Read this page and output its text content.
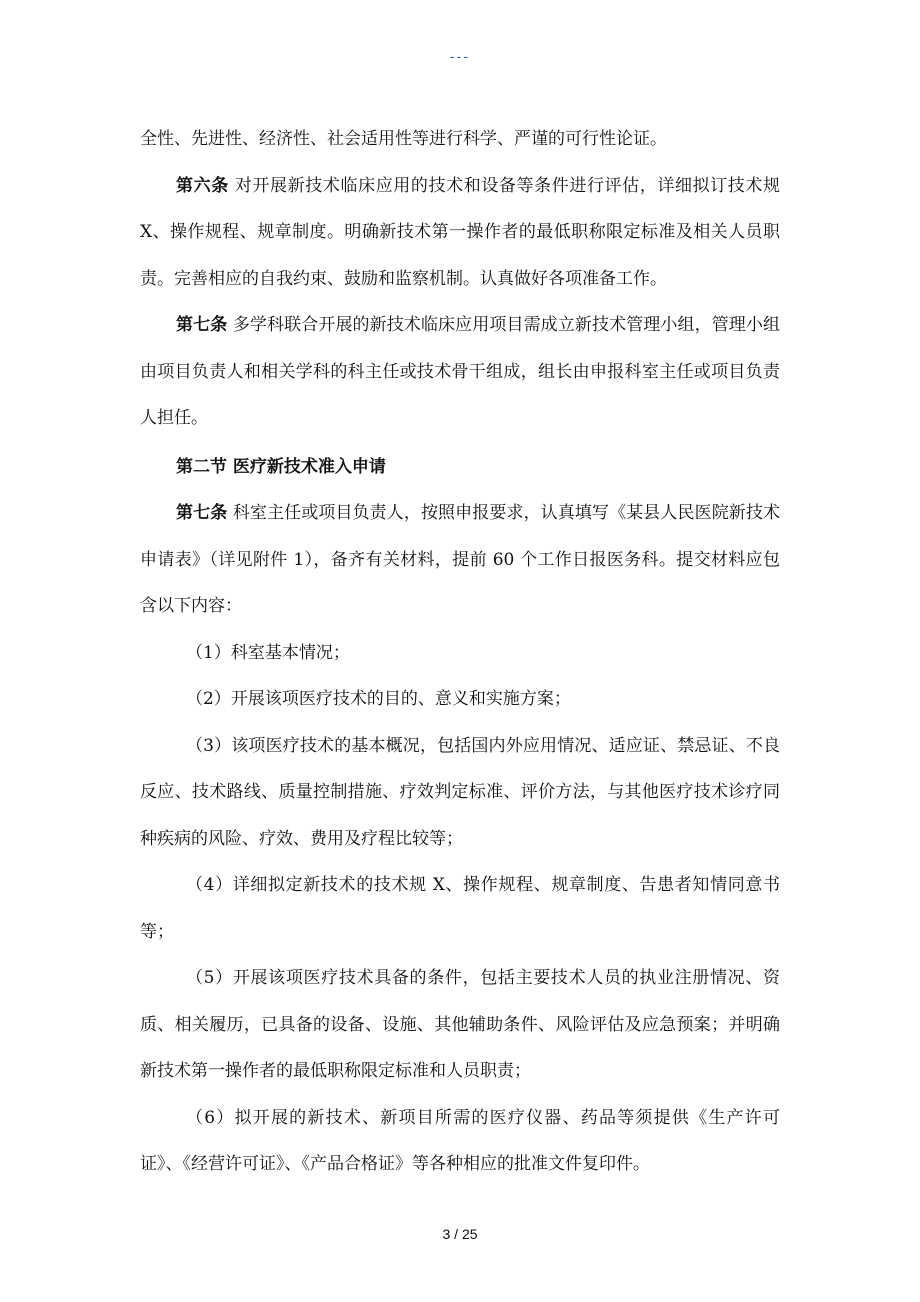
---

全性、先进性、经济性、社会适用性等进行科学、严谨的可行性论证。

第六条 对开展新技术临床应用的技术和设备等条件进行评估，详细拟订技术规 X、操作规程、规章制度。明确新技术第一操作者的最低职称限定标准及相关人员职责。完善相应的自我约束、鼓励和监察机制。认真做好各项准备工作。

第七条 多学科联合开展的新技术临床应用项目需成立新技术管理小组，管理小组由项目负责人和相关学科的科主任或技术骨干组成，组长由申报科室主任或项目负责人担任。

第二节 医疗新技术准入申请

第七条 科室主任或项目负责人，按照申报要求，认真填写《某县人民医院新技术申请表》（详见附件 1），备齐有关材料，提前 60 个工作日报医务科。提交材料应包含以下内容：

（1）科室基本情况；

（2）开展该项医疗技术的目的、意义和实施方案；

（3）该项医疗技术的基本概况，包括国内外应用情况、适应证、禁忌证、不良反应、技术路线、质量控制措施、疗效判定标准、评价方法，与其他医疗技术诊疗同种疾病的风险、疗效、费用及疗程比较等；

（4）详细拟定新技术的技术规 X、操作规程、规章制度、告患者知情同意书等；

（5）开展该项医疗技术具备的条件，包括主要技术人员的执业注册情况、资质、相关履历，已具备的设备、设施、其他辅助条件、风险评估及应急预案；并明确新技术第一操作者的最低职称限定标准和人员职责；

（6）拟开展的新技术、新项目所需的医疗仪器、药品等须提供《生产许可证》、《经营许可证》、《产品合格证》等各种相应的批准文件复印件。

3 / 25
